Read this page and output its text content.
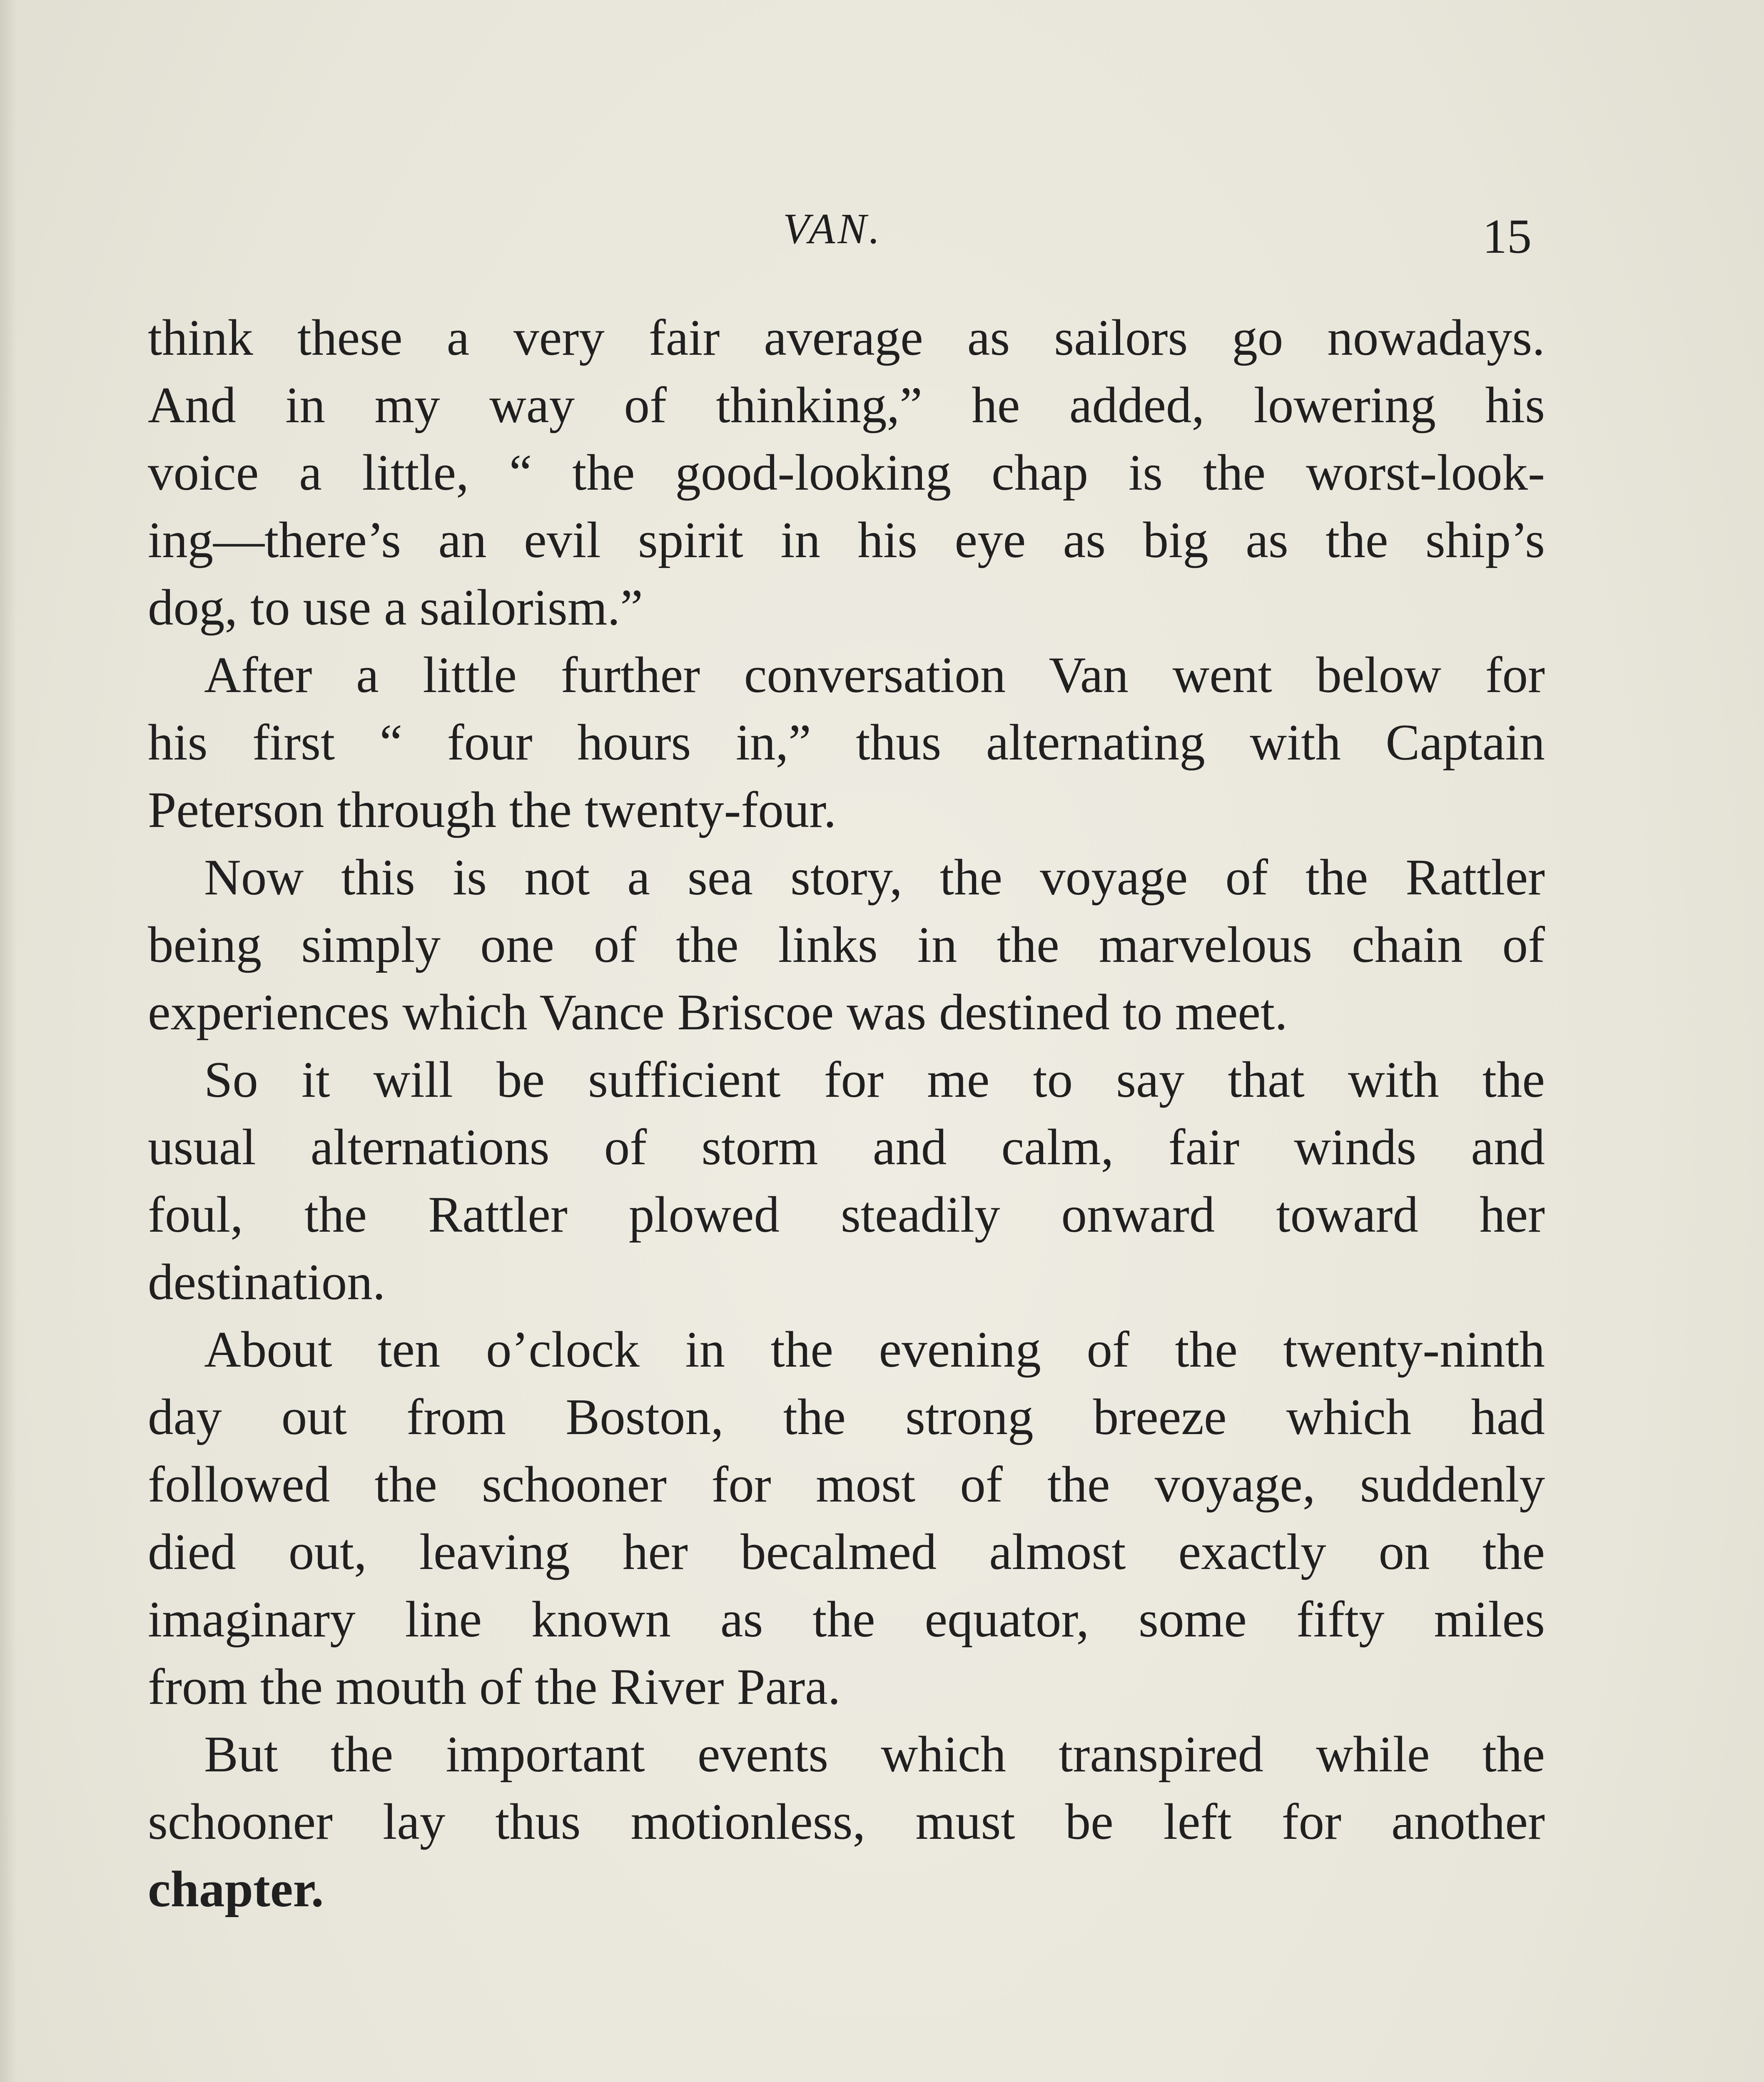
VAN.	15
think these a very fair average as sailors go nowadays.
And in my way of thinking,” he added, lowering his
voice a little, “ the good-looking chap is the worst-look-
ing—there’s an evil spirit in his eye as big as the ship’s
dog, to use a sailorism.”
After a little further conversation Van went below for
his first “ four hours in,” thus alternating with Captain
Peterson through the twenty-four.
Now this is not a sea story, the voyage of the Rattler
being simply one of the links in the marvelous chain of
experiences which Vance Briscoe was destined to meet.
So it will be sufficient for me to say that with the
usual alternations of storm and calm, fair winds and
foul, the Rattler plowed steadily onward toward her
destination.
About ten o’clock in the evening of the twenty-ninth
day out from Boston, the strong breeze which had
followed the schooner for most of the voyage, suddenly
died out, leaving her becalmed almost exactly on the
imaginary line known as the equator, some fifty miles
from the mouth of the River Para.
But the important events which transpired while the
schooner lay thus motionless, must be left for another
chapter.
